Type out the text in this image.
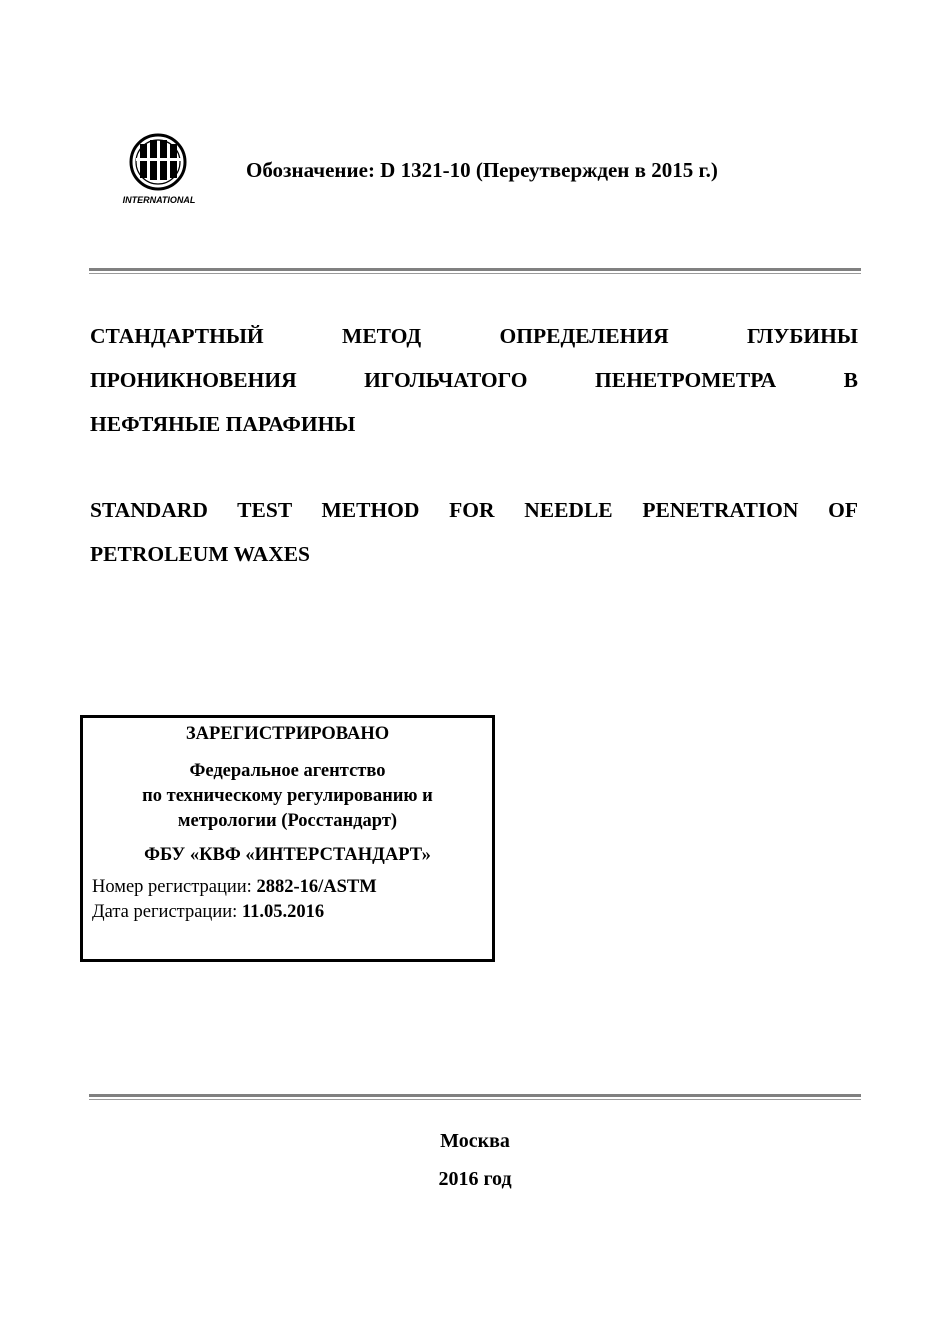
INTERNATIONAL
Обозначение: D 1321-10 (Переутвержден в 2015 г.)
СТАНДАРТНЫЙ МЕТОД ОПРЕДЕЛЕНИЯ ГЛУБИНЫ
ПРОНИКНОВЕНИЯ ИГОЛЬЧАТОГО ПЕНЕТРОМЕТРА В
НЕФТЯНЫЕ ПАРАФИНЫ
STANDARD TEST METHOD FOR NEEDLE PENETRATION OF
PETROLEUM WAXES
ЗАРЕГИСТРИРОВАНО
Федеральное агентство
по техническому регулированию и
метрологии (Росстандарт)
ФБУ «КВФ «ИНТЕРСТАНДАРТ»
Номер регистрации: 2882-16/ASTM
Дата регистрации: 11.05.2016
Москва
2016 год
